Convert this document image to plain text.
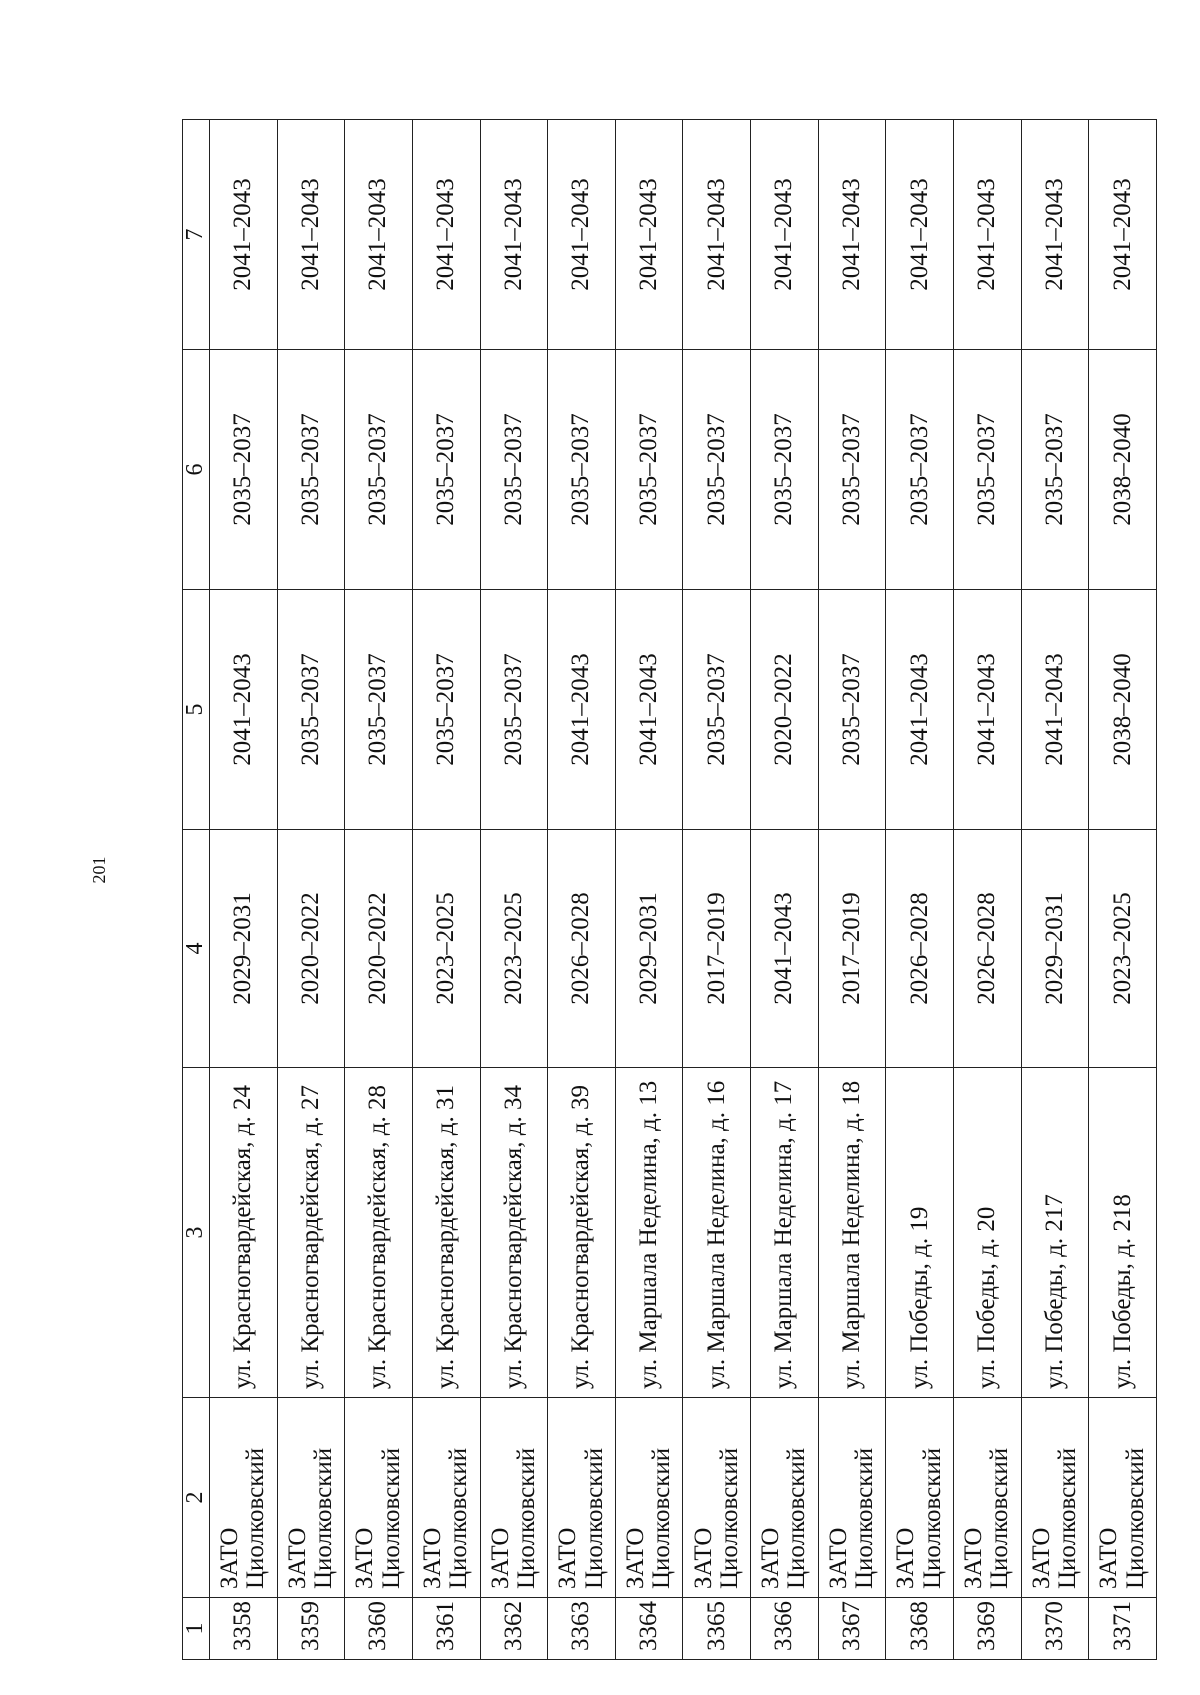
201
1	2	3	4	5	6	7
3358	ЗАТО Циолковский	ул. Красногвардейская, д. 24	2029–2031	2041–2043	2035–2037	2041–2043
3359	ЗАТО Циолковский	ул. Красногвардейская, д. 27	2020–2022	2035–2037	2035–2037	2041–2043
3360	ЗАТО Циолковский	ул. Красногвардейская, д. 28	2020–2022	2035–2037	2035–2037	2041–2043
3361	ЗАТО Циолковский	ул. Красногвардейская, д. 31	2023–2025	2035–2037	2035–2037	2041–2043
3362	ЗАТО Циолковский	ул. Красногвардейская, д. 34	2023–2025	2035–2037	2035–2037	2041–2043
3363	ЗАТО Циолковский	ул. Красногвардейская, д. 39	2026–2028	2041–2043	2035–2037	2041–2043
3364	ЗАТО Циолковский	ул. Маршала Неделина, д. 13	2029–2031	2041–2043	2035–2037	2041–2043
3365	ЗАТО Циолковский	ул. Маршала Неделина, д. 16	2017–2019	2035–2037	2035–2037	2041–2043
3366	ЗАТО Циолковский	ул. Маршала Неделина, д. 17	2041–2043	2020–2022	2035–2037	2041–2043
3367	ЗАТО Циолковский	ул. Маршала Неделина, д. 18	2017–2019	2035–2037	2035–2037	2041–2043
3368	ЗАТО Циолковский	ул. Победы, д. 19	2026–2028	2041–2043	2035–2037	2041–2043
3369	ЗАТО Циолковский	ул. Победы, д. 20	2026–2028	2041–2043	2035–2037	2041–2043
3370	ЗАТО Циолковский	ул. Победы, д. 217	2029–2031	2041–2043	2035–2037	2041–2043
3371	ЗАТО Циолковский	ул. Победы, д. 218	2023–2025	2038–2040	2038–2040	2041–2043
